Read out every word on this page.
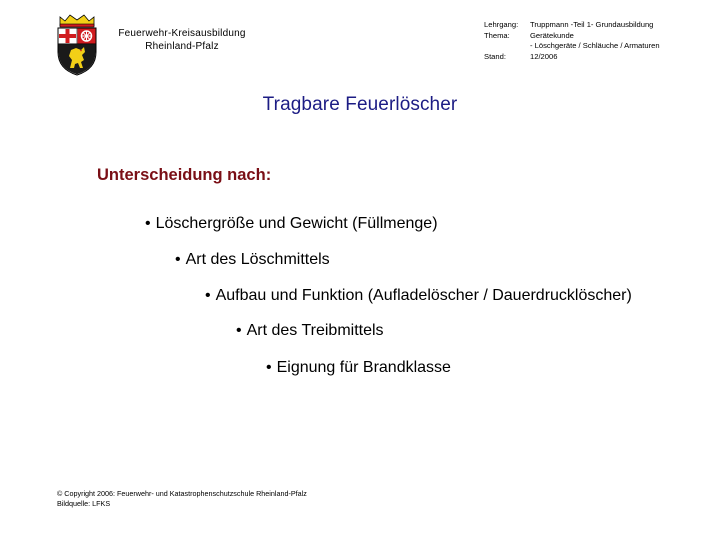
Feuerwehr-Kreisausbildung
Rheinland-Pfalz
Lehrgang:	Truppmann -Teil 1- Grundausbildung
Thema:	Gerätekunde
- Löschgeräte / Schläuche / Armaturen
Stand:	12/2006
Tragbare Feuerlöscher
Unterscheidung nach:
• Löschergröße und Gewicht (Füllmenge)
• Art des Löschmittels
• Aufbau und Funktion (Aufladelöscher / Dauerdrucklöscher)
• Art des Treibmittels
• Eignung für Brandklasse
© Copyright 2006: Feuerwehr- und Katastrophenschutzschule Rheinland-Pfalz
Bildquelle: LFKS
